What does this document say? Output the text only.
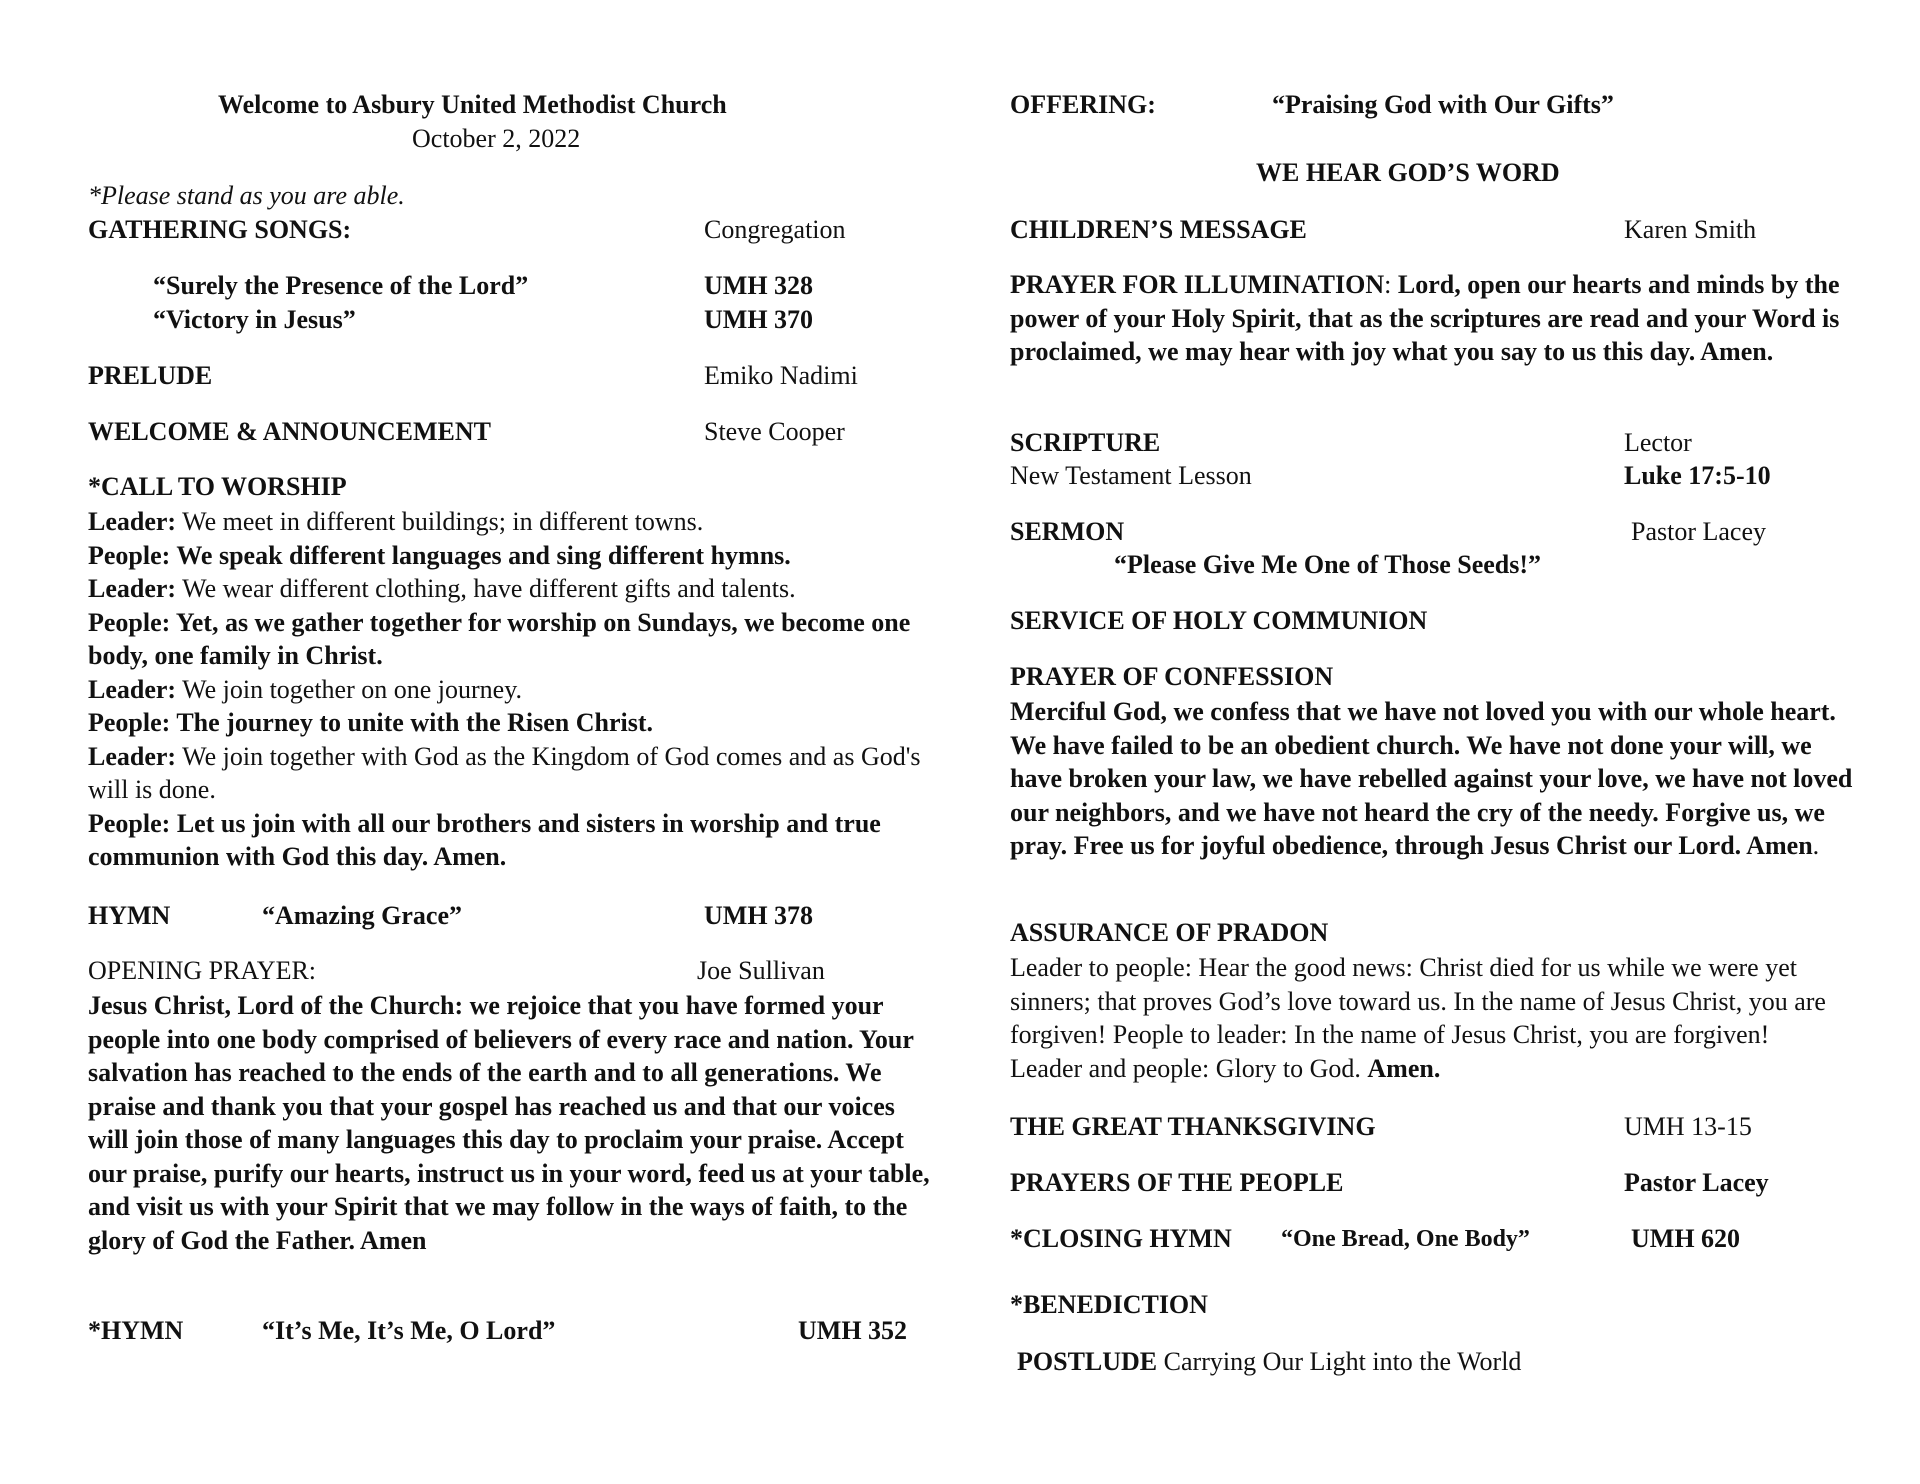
Welcome to Asbury United Methodist Church
October 2, 2022
*Please stand as you are able.
GATHERING SONGS:	Congregation
“Surely the Presence of the Lord”	UMH 328
“Victory in Jesus”	UMH 370
PRELUDE	Emiko Nadimi
WELCOME & ANNOUNCEMENT	Steve Cooper
*CALL TO WORSHIP
Leader: We meet in different buildings; in different towns.
People: We speak different languages and sing different hymns.
Leader: We wear different clothing, have different gifts and talents.
People: Yet, as we gather together for worship on Sundays, we become one body, one family in Christ.
Leader: We join together on one journey.
People: The journey to unite with the Risen Christ.
Leader: We join together with God as the Kingdom of God comes and as God's will is done.
People: Let us join with all our brothers and sisters in worship and true communion with God this day. Amen.
HYMN	“Amazing Grace”	UMH 378
OPENING PRAYER:	Joe Sullivan
Jesus Christ, Lord of the Church: we rejoice that you have formed your people into one body comprised of believers of every race and nation. Your salvation has reached to the ends of the earth and to all generations. We praise and thank you that your gospel has reached us and that our voices will join those of many languages this day to proclaim your praise. Accept our praise, purify our hearts, instruct us in your word, feed us at your table, and visit us with your Spirit that we may follow in the ways of faith, to the glory of God the Father. Amen
*HYMN	“It’s Me, It’s Me, O Lord”	UMH 352
OFFERING:	“Praising God with Our Gifts”
WE HEAR GOD’S WORD
CHILDREN’S MESSAGE	Karen Smith
PRAYER FOR ILLUMINATION: Lord, open our hearts and minds by the power of your Holy Spirit, that as the scriptures are read and your Word is proclaimed, we may hear with joy what you say to us this day. Amen.
SCRIPTURE	Lector
New Testament Lesson	Luke 17:5-10
SERMON	Pastor Lacey
“Please Give Me One of Those Seeds!”
SERVICE OF HOLY COMMUNION
PRAYER OF CONFESSION
Merciful God, we confess that we have not loved you with our whole heart. We have failed to be an obedient church. We have not done your will, we have broken your law, we have rebelled against your love, we have not loved our neighbors, and we have not heard the cry of the needy. Forgive us, we pray. Free us for joyful obedience, through Jesus Christ our Lord. Amen.
ASSURANCE OF PRADON
Leader to people: Hear the good news: Christ died for us while we were yet sinners; that proves God’s love toward us. In the name of Jesus Christ, you are forgiven! People to leader: In the name of Jesus Christ, you are forgiven! Leader and people: Glory to God. Amen.
THE GREAT THANKSGIVING	UMH 13-15
PRAYERS OF THE PEOPLE	Pastor Lacey
*CLOSING HYMN “One Bread, One Body”	UMH 620
*BENEDICTION
POSTLUDE Carrying Our Light into the World
